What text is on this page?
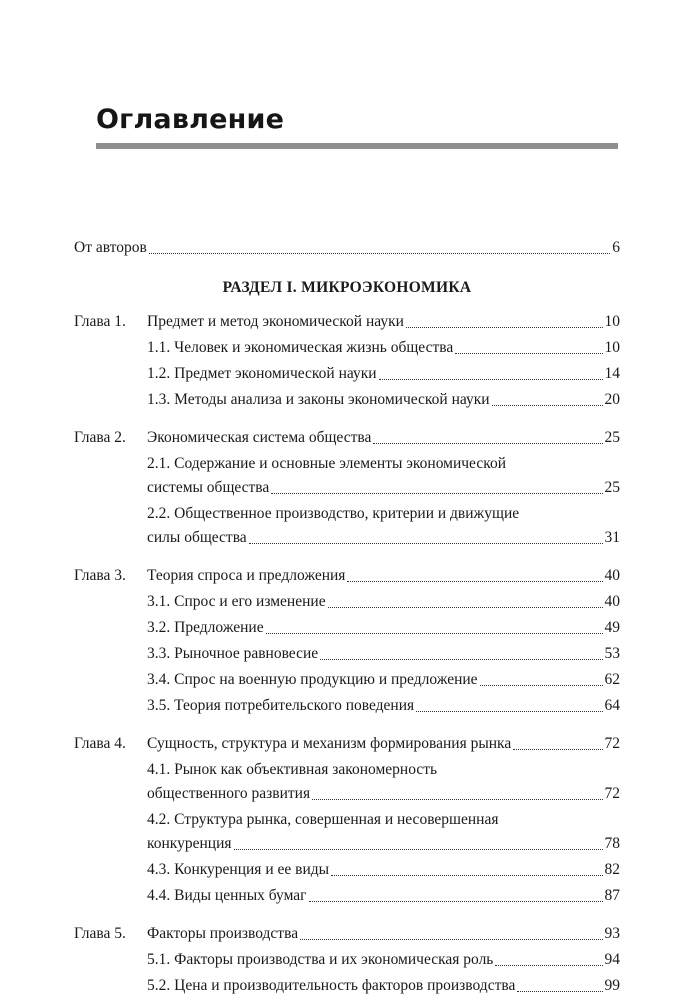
Оглавление
От авторов	6
РАЗДЕЛ I. МИКРОЭКОНОМИКА
Глава 1.	Предмет и метод экономической науки	10
1.1. Человек и экономическая жизнь общества	10
1.2. Предмет экономической науки	14
1.3. Методы анализа и законы экономической науки	20
Глава 2.	Экономическая система общества	25
2.1. Содержание и основные элементы экономической
системы общества	25
2.2. Общественное производство, критерии и движущие
силы общества	31
Глава 3.	Теория спроса и предложения	40
3.1. Спрос и его изменение	40
3.2. Предложение	49
3.3. Рыночное равновесие	53
3.4. Спрос на военную продукцию и предложение	62
3.5. Теория потребительского поведения	64
Глава 4.	Сущность, структура и механизм формирования рынка	72
4.1. Рынок как объективная закономерность
общественного развития	72
4.2. Структура рынка, совершенная и несовершенная
конкуренция	78
4.3. Конкуренция и ее виды	82
4.4. Виды ценных бумаг	87
Глава 5.	Факторы производства	93
5.1. Факторы производства и их экономическая роль	94
5.2. Цена и производительность факторов производства	99
